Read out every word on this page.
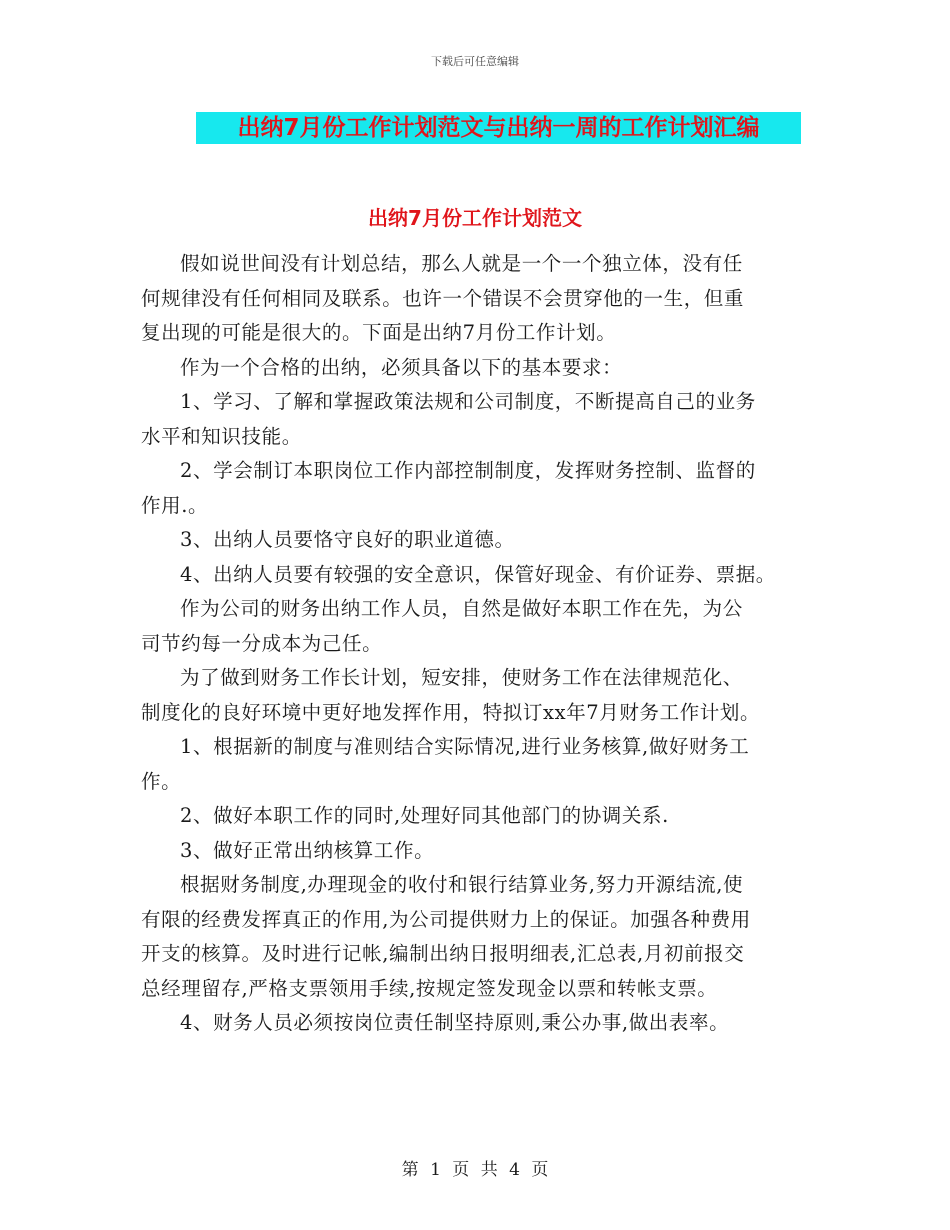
下载后可任意编辑
出纳7月份工作计划范文与出纳一周的工作计划汇编
出纳7月份工作计划范文

假如说世间没有计划总结，那么人就是一个一个独立体，没有任
何规律没有任何相同及联系。也许一个错误不会贯穿他的一生，但重
复出现的可能是很大的。下面是出纳7月份工作计划。

作为一个合格的出纳，必须具备以下的基本要求：

1、学习、了解和掌握政策法规和公司制度，不断提高自己的业务
水平和知识技能。

2、学会制订本职岗位工作内部控制制度，发挥财务控制、监督的
作用.。

3、出纳人员要恪守良好的职业道德。

4、出纳人员要有较强的安全意识，保管好现金、有价证券、票据。

作为公司的财务出纳工作人员，自然是做好本职工作在先，为公
司节约每一分成本为己任。

为了做到财务工作长计划，短安排，使财务工作在法律规范化、
制度化的良好环境中更好地发挥作用，特拟订xx年7月财务工作计划。

1、根据新的制度与准则结合实际情况,进行业务核算,做好财务工
作。

2、做好本职工作的同时,处理好同其他部门的协调关系.

3、做好正常出纳核算工作。

根据财务制度,办理现金的收付和银行结算业务,努力开源结流,使
有限的经费发挥真正的作用,为公司提供财力上的保证。加强各种费用
开支的核算。及时进行记帐,编制出纳日报明细表,汇总表,月初前报交
总经理留存,严格支票领用手续,按规定签发现金以票和转帐支票。

4、财务人员必须按岗位责任制坚持原则,秉公办事,做出表率。

第 1 页 共 4 页
